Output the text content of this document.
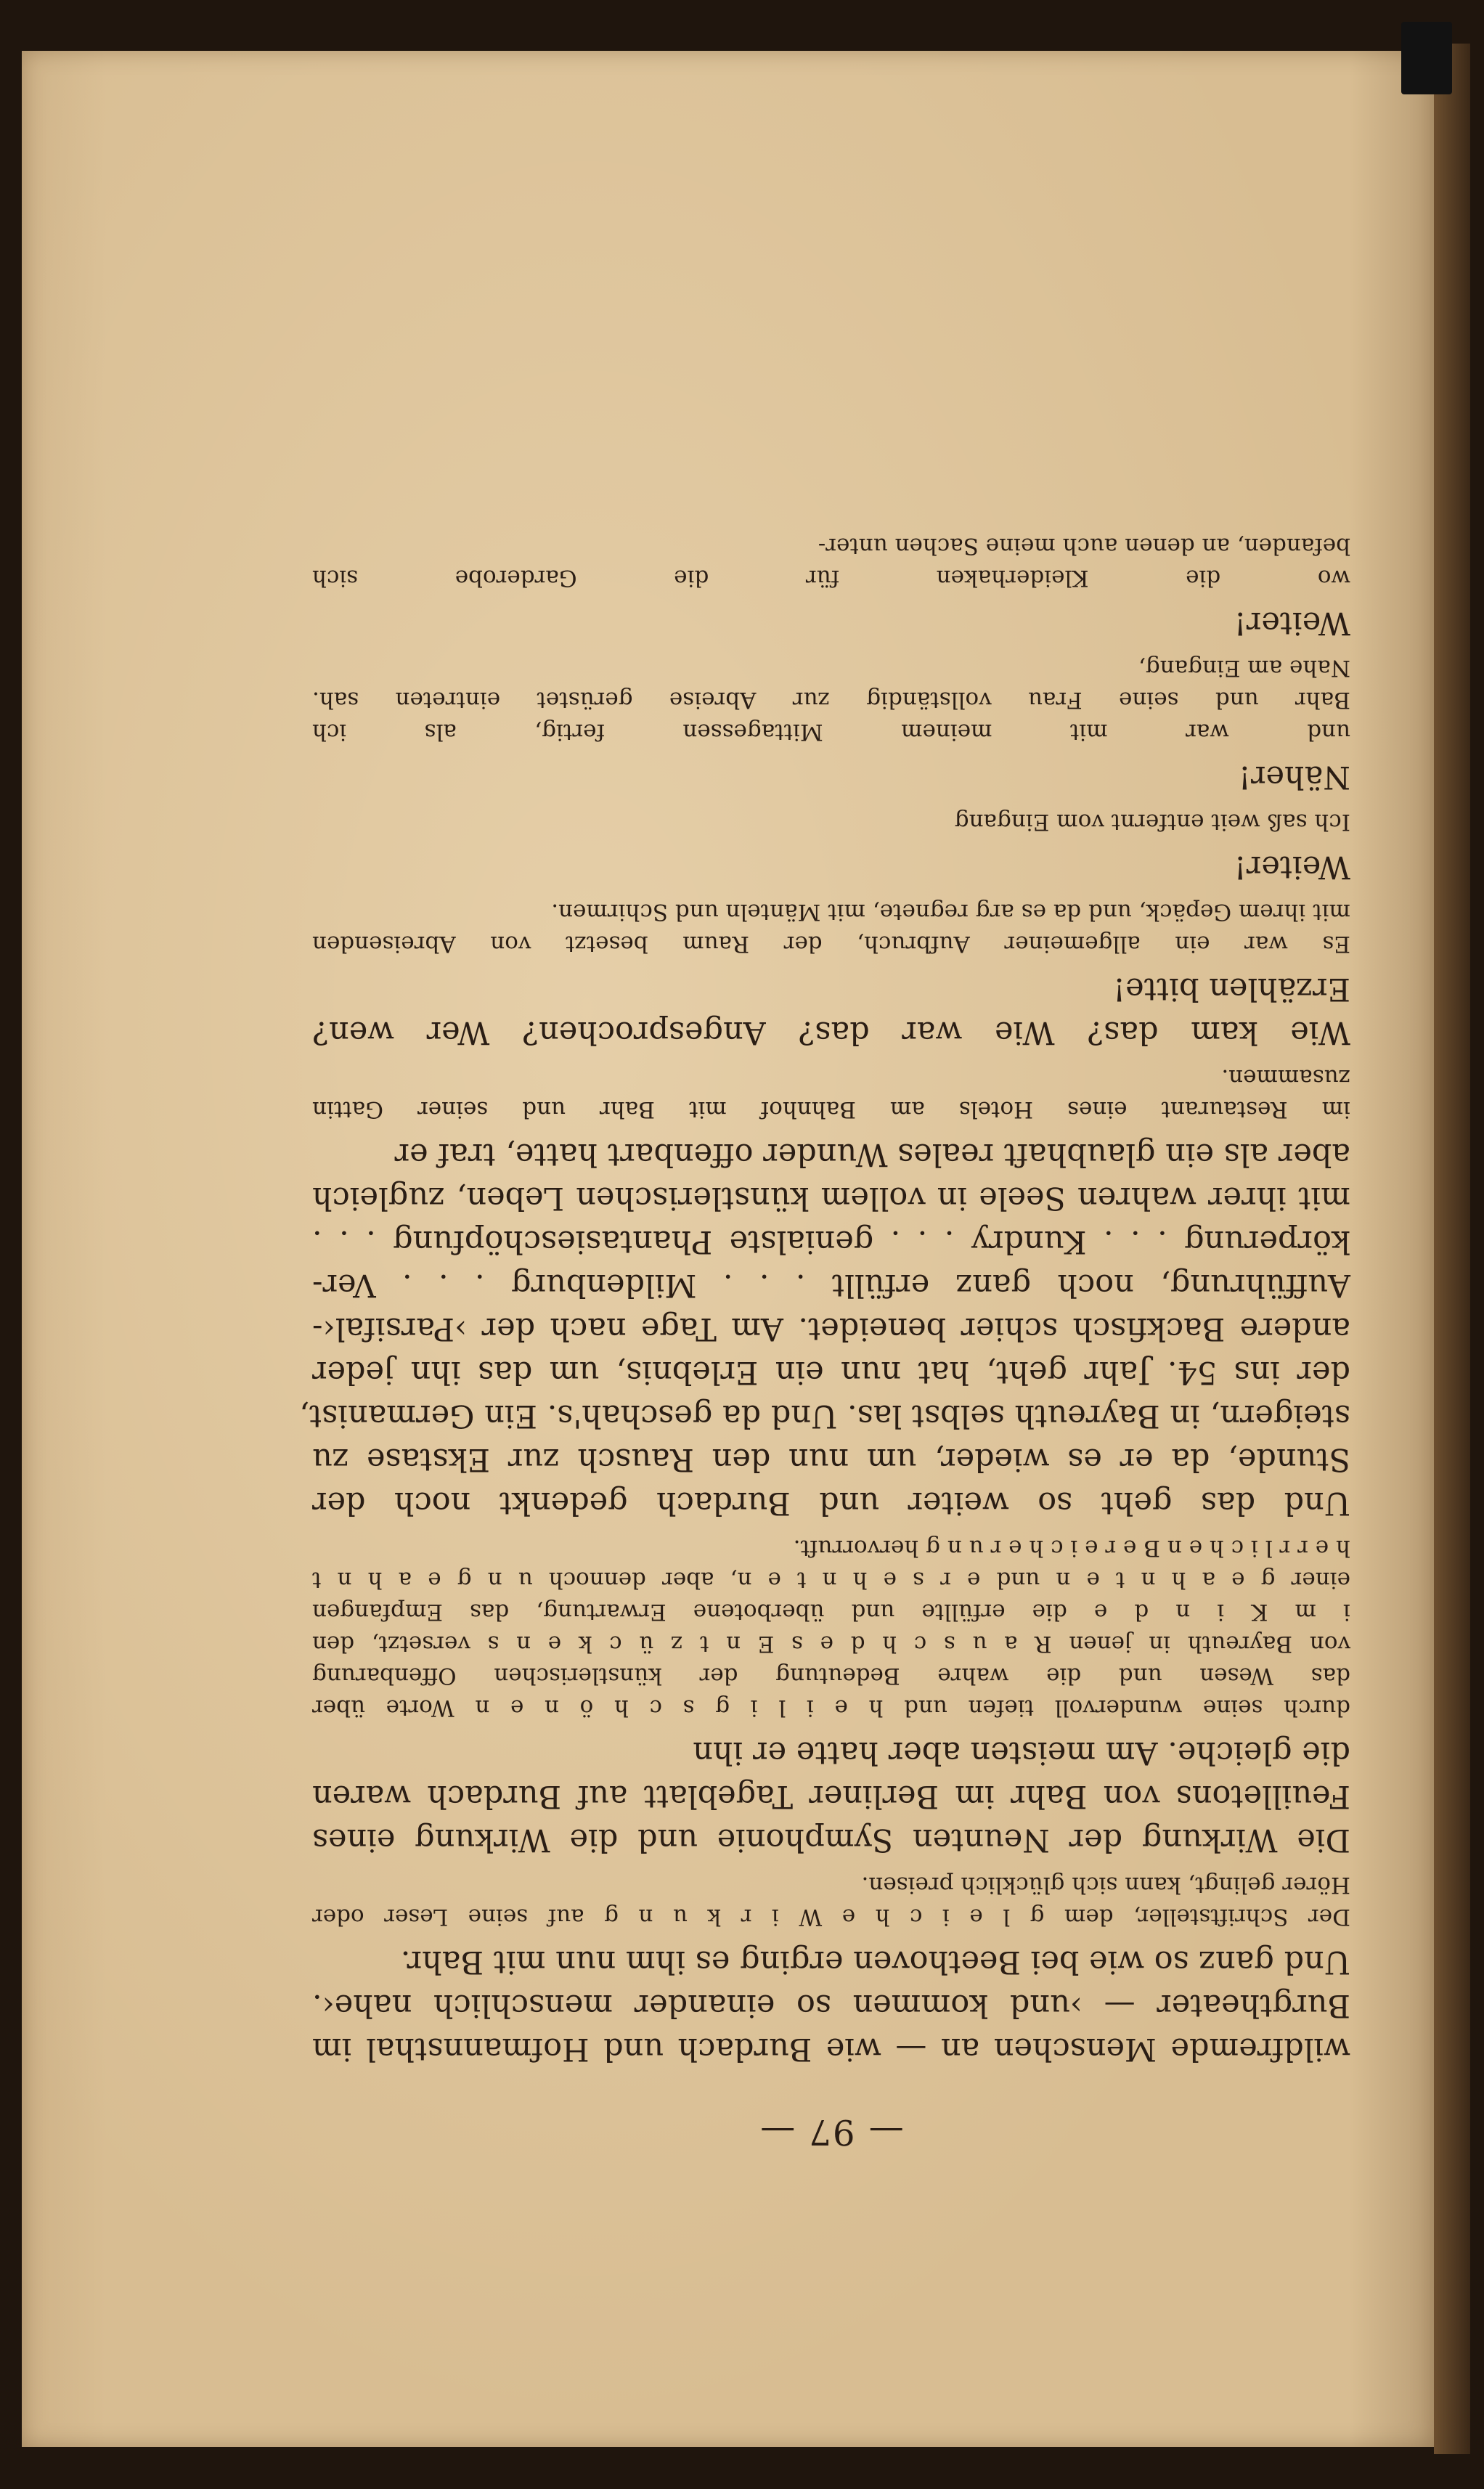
— 97 —
wildfremde Menschen an — wie Burdach und Hofmannsthal im
Burgtheater — ›und kommen so einander menschlich nahe‹.
Und ganz so wie bei Beethoven erging es ihm nun mit Bahr.
Der Schriftsteller, dem g l e i c h e W i r k u n g auf seine Leser oder
Hörer gelingt, kann sich glücklich preisen.
Die Wirkung der Neunten Symphonie und die Wirkung eines
Feuilletons von Bahr im Berliner Tageblatt auf Burdach waren
die gleiche. Am meisten aber hatte er ihn
durch seine wundervoll tiefen und h e i l i g s c h ö n e n Worte über
das Wesen und die wahre Bedeutung der künstlerischen Offenbarung
von Bayreuth in jenen R a u s c h d e s E n t z ü c k e n s versetzt, den
i m K i n d e die erfüllte und überbotene Erwartung, das Empfangen
einer g e a h n t e n und e r s e h n t e n, aber dennoch u n g e a h n t
h e r r l i c h e n B e r e i c h e r u n g hervorruft.
Und das geht so weiter und Burdach gedenkt noch der
Stunde, da er es wieder, um nun den Rausch zur Ekstase zu
steigern, in Bayreuth selbst las. Und da geschah's. Ein Germanist,
der ins 54. Jahr geht, hat nun ein Erlebnis, um das ihn jeder
andere Backfisch schier beneidet. Am Tage nach der ›Parsifal‹-
Aufführung, noch ganz erfüllt . . . Mildenburg . . . Ver-
körperung . . . Kundry . . . genialste Phantasieschöpfung . . .
mit ihrer wahren Seele in vollem künstlerischen Leben, zugleich
aber als ein glaubhaft reales Wunder offenbart hatte, traf er
im Restaurant eines Hotels am Bahnhof mit Bahr und seiner Gattin
zusammen.
Wie kam das? Wie war das? Angesprochen? Wer wen?
Erzählen bitte!
Es war ein allgemeiner Aufbruch, der Raum besetzt von Abreisenden
mit ihrem Gepäck, und da es arg regnete, mit Mänteln und Schirmen.
Weiter!
Ich saß weit entfernt vom Eingang
Näher!
und war mit meinem Mittagessen fertig, als ich
Bahr und seine Frau vollständig zur Abreise gerüstet eintreten sah.
Nahe am Eingang,
Weiter!
wo die Kleiderhaken für die Garderobe sich
befanden, an denen auch meine Sachen unter-
